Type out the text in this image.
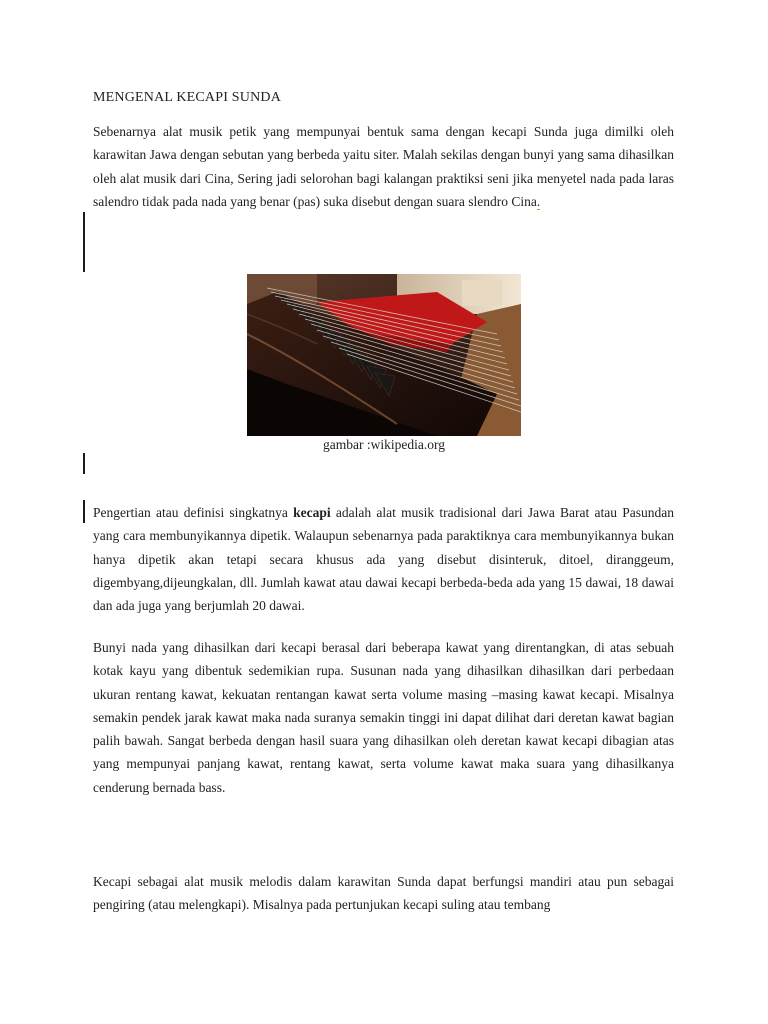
MENGENAL KECAPI SUNDA

Sebenarnya alat musik petik yang mempunyai bentuk sama dengan kecapi Sunda juga dimilki oleh karawitan Jawa dengan sebutan yang berbeda yaitu siter. Malah sekilas dengan bunyi yang sama dihasilkan oleh alat musik dari Cina, Sering jadi selorohan bagi kalangan praktiksi seni jika menyetel nada pada laras salendro tidak pada nada yang benar (pas) suka disebut dengan suara slendro Cina.

gambar :wikipedia.org

Pengertian atau definisi singkatnya kecapi adalah alat musik tradisional dari Jawa Barat atau Pasundan yang cara membunyikannya dipetik. Walaupun sebenarnya pada paraktiknya cara membunyikannya bukan hanya dipetik akan tetapi secara khusus ada yang disebut disinteruk, ditoel, diranggeum, digembyang,dijeungkalan, dll. Jumlah kawat atau dawai kecapi berbeda-beda ada yang 15 dawai, 18 dawai dan ada juga yang berjumlah 20 dawai.

Bunyi nada yang dihasilkan dari kecapi berasal dari beberapa kawat yang direntangkan, di atas sebuah kotak kayu yang dibentuk sedemikian rupa. Susunan nada yang dihasilkan dihasilkan dari perbedaan ukuran rentang kawat, kekuatan rentangan kawat serta volume masing –masing kawat kecapi. Misalnya semakin pendek jarak kawat maka nada suranya semakin tinggi ini dapat dilihat dari deretan kawat bagian palih bawah. Sangat berbeda dengan hasil suara yang dihasilkan oleh deretan kawat kecapi dibagian atas yang mempunyai panjang kawat, rentang kawat, serta volume kawat maka suara yang dihasilkanya cenderung bernada bass.

Kecapi sebagai alat musik melodis dalam karawitan Sunda dapat berfungsi mandiri atau pun sebagai pengiring (atau melengkapi). Misalnya pada pertunjukan kecapi suling atau tembang
